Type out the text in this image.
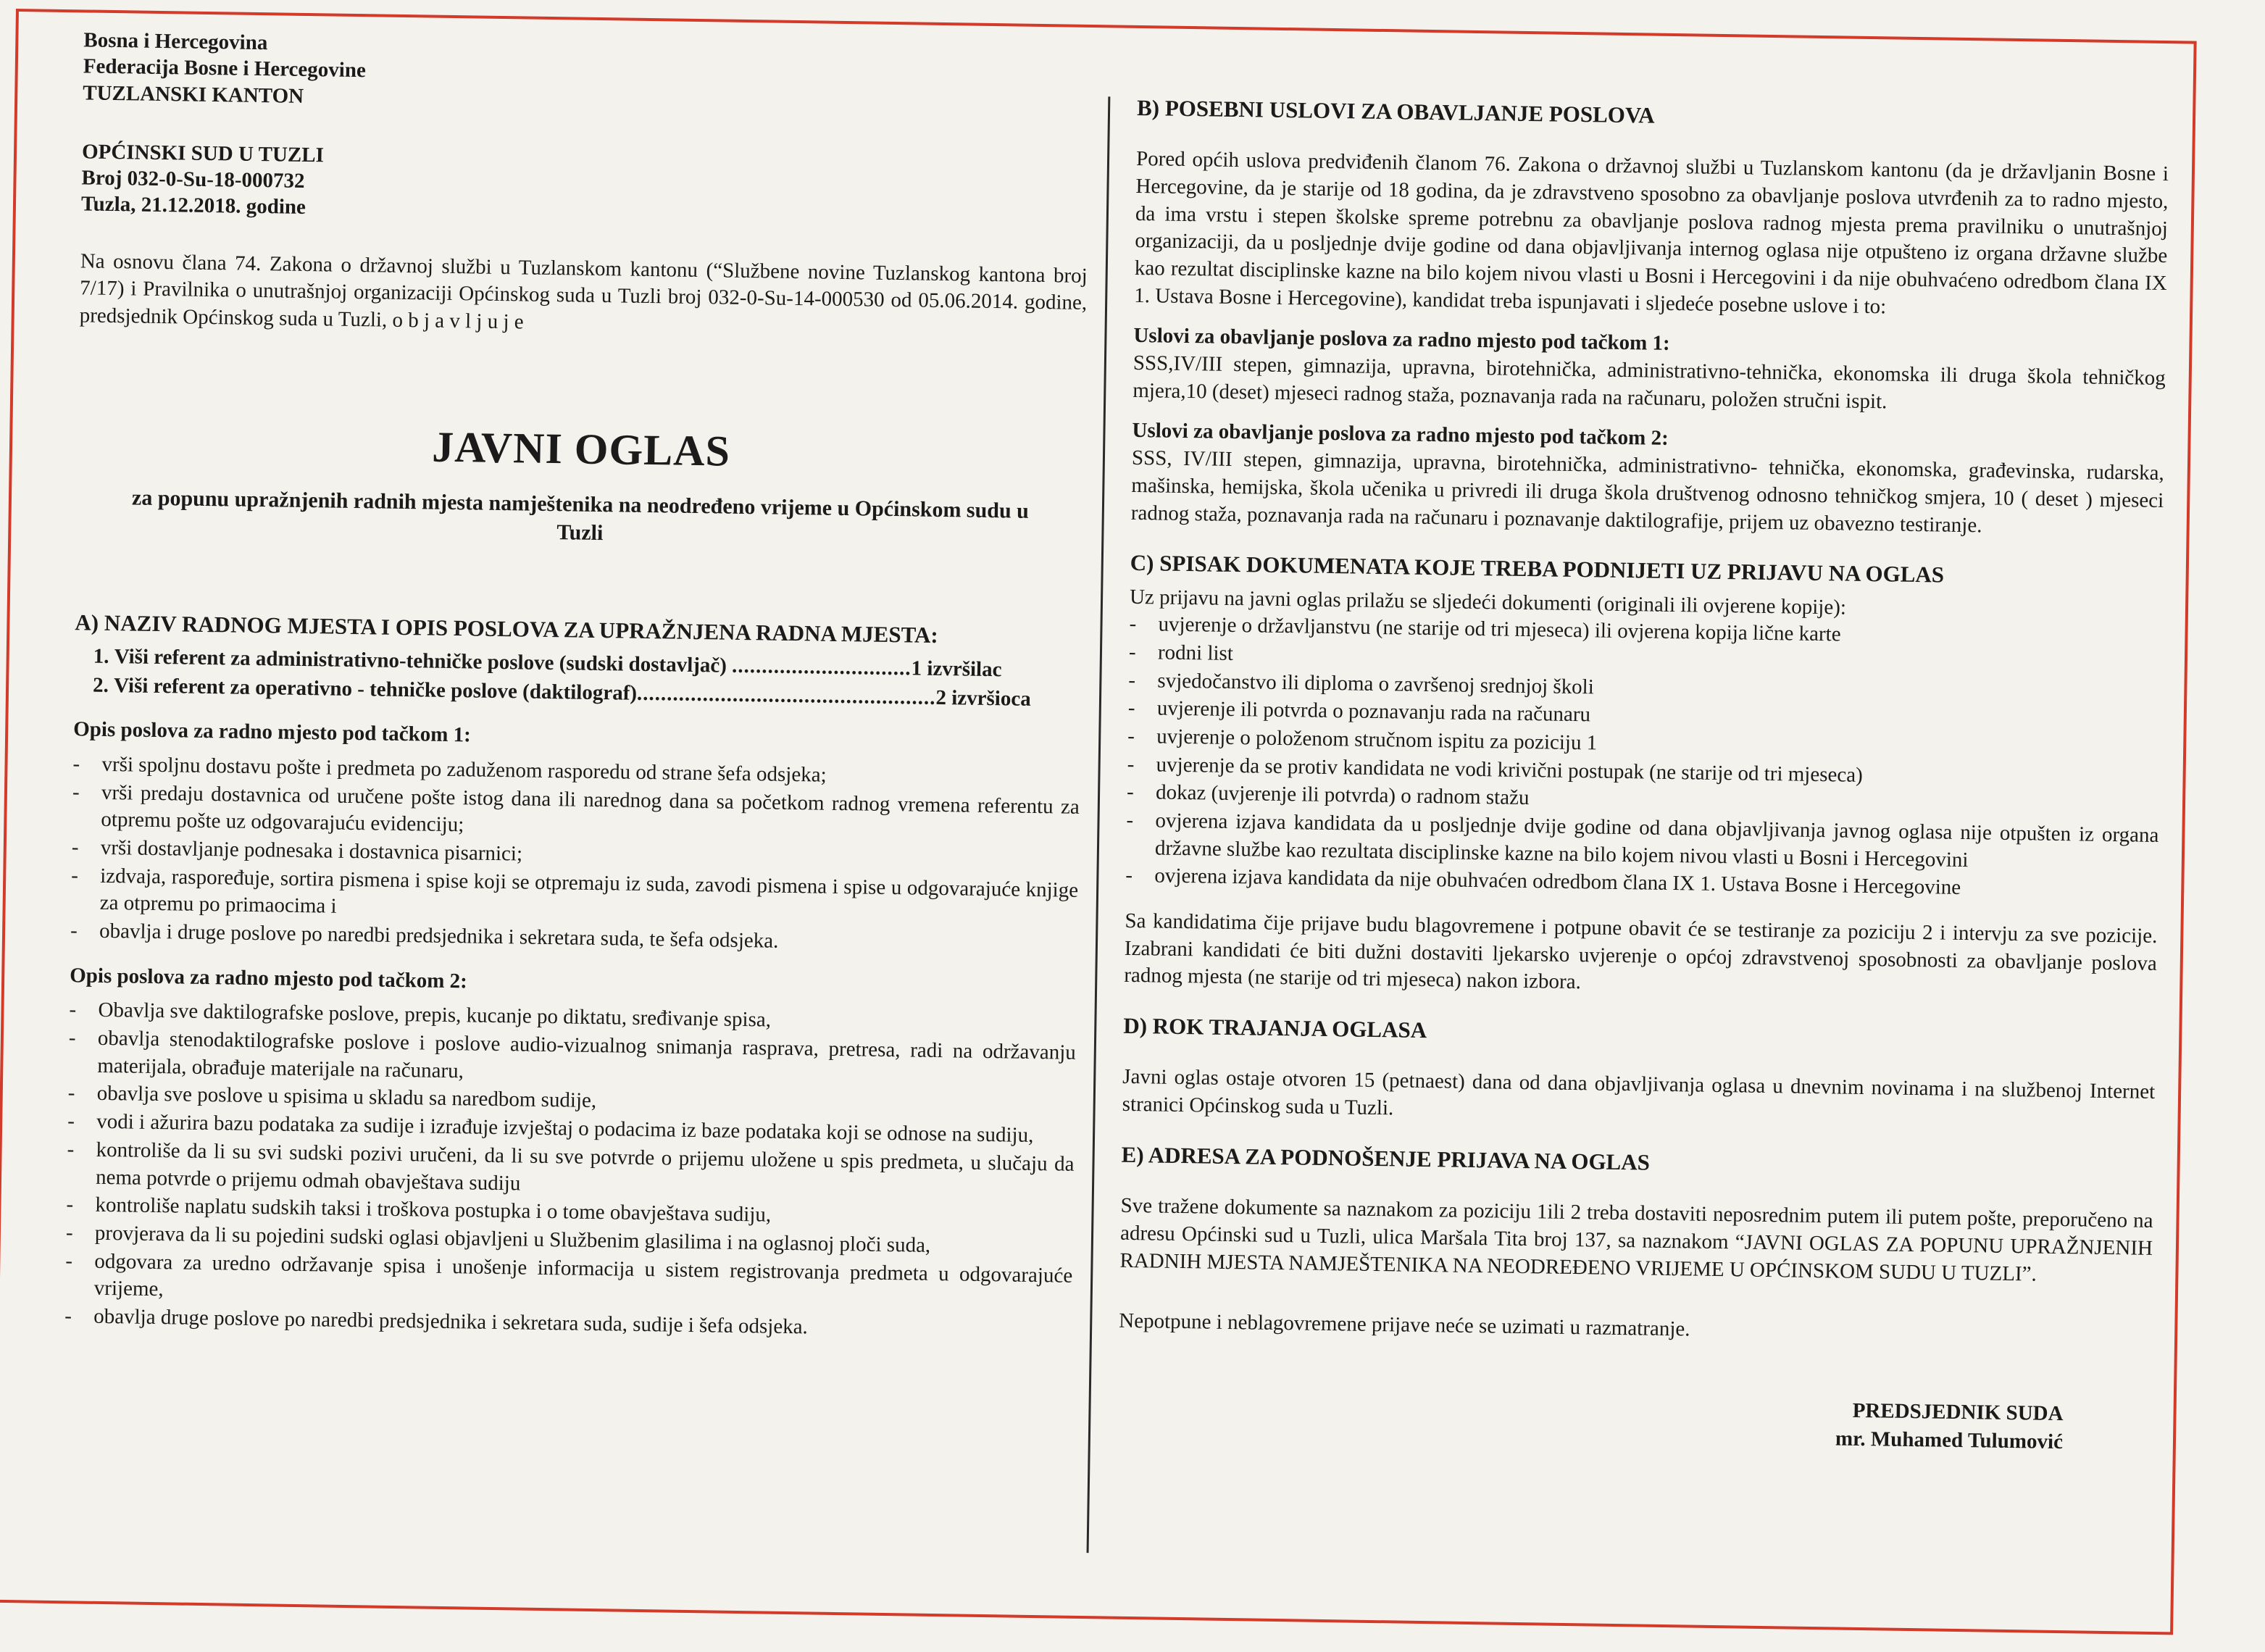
Bosna i Hercegovina

Federacija Bosne i Hercegovine

TUZLANSKI KANTON

OPĆINSKI SUD U TUZLI

Broj 032-0-Su-18-000732

Tuzla, 21.12.2018. godine

Na osnovu člana 74. Zakona o državnoj službi u Tuzlanskom kantonu (“Službene novine Tuzlanskog kantona broj 7/17) i Pravilnika o unutrašnjoj organizaciji Općinskog suda u Tuzli broj 032-0-Su-14-000530 od 05.06.2014. godine, predsjednik Općinskog suda u Tuzli, o b j a v l j u j e

JAVNI OGLAS
za popunu upražnjenih radnih mjesta namještenika na neodređeno vrijeme u Općinskom sudu u Tuzli
A) NAZIV RADNOG MJESTA I OPIS POSLOVA ZA UPRAŽNJENA RADNA MJESTA:
1. Viši referent za administrativno-tehničke poslove (sudski dostavljač) ..............................1 izvršilac
2. Viši referent za operativno - tehničke poslove (daktilograf)..................................................2 izvršioca
Opis poslova za radno mjesto pod tačkom 1:
- vrši spoljnu dostavu pošte i predmeta po zaduženom rasporedu od strane šefa odsjeka;
- vrši predaju dostavnica od uručene pošte istog dana ili narednog dana sa početkom radnog vremena referentu za otpremu pošte uz odgovarajuću evidenciju;
- vrši dostavljanje podnesaka i dostavnica pisarnici;
- izdvaja, raspoređuje, sortira pismena i spise koji se otpremaju iz suda, zavodi pismena i spise u odgovarajuće knjige za otpremu po primaocima i
- obavlja i druge poslove po naredbi predsjednika i sekretara suda, te šefa odsjeka.
Opis poslova za radno mjesto pod tačkom 2:
- Obavlja sve daktilografske poslove, prepis, kucanje po diktatu, sređivanje spisa,
- obavlja stenodaktilografske poslove i poslove audio-vizualnog snimanja rasprava, pretresa, radi na održavanju materijala, obrađuje materijale na računaru,
- obavlja sve poslove u spisima u skladu sa naredbom sudije,
- vodi i ažurira bazu podataka za sudije i izrađuje izvještaj o podacima iz baze podataka koji se odnose na sudiju,
- kontroliše da li su svi sudski pozivi uručeni, da li su sve potvrde o prijemu uložene u spis predmeta, u slučaju da nema potvrde o prijemu odmah obavještava sudiju
- kontroliše naplatu sudskih taksi i troškova postupka i o tome obavještava sudiju,
- provjerava da li su pojedini sudski oglasi objavljeni u Službenim glasilima i na oglasnoj ploči suda,
- odgovara za uredno održavanje spisa i unošenje informacija u sistem registrovanja predmeta u odgovarajuće vrijeme,
- obavlja druge poslove po naredbi predsjednika i sekretara suda, sudije i šefa odsjeka.
B) POSEBNI USLOVI ZA OBAVLJANJE POSLOVA

Pored općih uslova predviđenih članom 76. Zakona o državnoj službi u Tuzlanskom kantonu (da je državljanin Bosne i Hercegovine, da je starije od 18 godina, da je zdravstveno sposobno za obavljanje poslova utvrđenih za to radno mjesto, da ima vrstu i stepen školske spreme potrebnu za obavljanje poslova radnog mjesta prema pravilniku o unutrašnjoj organizaciji, da u posljednje dvije godine od dana objavljivanja internog oglasa nije otpušteno iz organa državne službe kao rezultat disciplinske kazne na bilo kojem nivou vlasti u Bosni i Hercegovini i da nije obuhvaćeno odredbom člana IX 1. Ustava Bosne i Hercegovine), kandidat treba ispunjavati i sljedeće posebne uslove i to:

Uslovi za obavljanje poslova za radno mjesto pod tačkom 1:

SSS,IV/III stepen, gimnazija, upravna, birotehnička, administrativno-tehnička, ekonomska ili druga škola tehničkog mjera,10 (deset) mjeseci radnog staža, poznavanja rada na računaru, položen stručni ispit.

Uslovi za obavljanje poslova za radno mjesto pod tačkom 2:

SSS, IV/III stepen, gimnazija, upravna, birotehnička, administrativno- tehnička, ekonomska, građevinska, rudarska, mašinska, hemijska, škola učenika u privredi ili druga škola društvenog odnosno tehničkog smjera, 10 ( deset ) mjeseci radnog staža, poznavanja rada na računaru i poznavanje daktilografije, prijem uz obavezno testiranje.

C) SPISAK DOKUMENATA KOJE TREBA PODNIJETI UZ PRIJAVU NA OGLAS

Uz prijavu na javni oglas prilažu se sljedeći dokumenti (originali ili ovjerene kopije):

- uvjerenje o državljanstvu (ne starije od tri mjeseca) ili ovjerena kopija lične karte
- rodni list
- svjedočanstvo ili diploma o završenoj srednjoj školi
- uvjerenje ili potvrda o poznavanju rada na računaru
- uvjerenje o položenom stručnom ispitu za poziciju 1
- uvjerenje da se protiv kandidata ne vodi krivični postupak (ne starije od tri mjeseca)
- dokaz (uvjerenje ili potvrda) o radnom stažu
- ovjerena izjava kandidata da u posljednje dvije godine od dana objavljivanja javnog oglasa nije otpušten iz organa državne službe kao rezultata disciplinske kazne na bilo kojem nivou vlasti u Bosni i Hercegovini
- ovjerena izjava kandidata da nije obuhvaćen odredbom člana IX 1. Ustava Bosne i Hercegovine

Sa kandidatima čije prijave budu blagovremene i potpune obavit će se testiranje za poziciju 2 i intervju za sve pozicije. Izabrani kandidati će biti dužni dostaviti ljekarsko uvjerenje o općoj zdravstvenoj sposobnosti za obavljanje poslova radnog mjesta (ne starije od tri mjeseca) nakon izbora.

D) ROK TRAJANJA OGLASA

Javni oglas ostaje otvoren 15 (petnaest) dana od dana objavljivanja oglasa u dnevnim novinama i na službenoj Internet stranici Općinskog suda u Tuzli.

E) ADRESA ZA PODNOŠENJE PRIJAVA NA OGLAS

Sve tražene dokumente sa naznakom za poziciju 1ili 2 treba dostaviti neposrednim putem ili putem pošte, preporučeno na adresu Općinski sud u Tuzli, ulica Maršala Tita broj 137, sa naznakom “JAVNI OGLAS ZA POPUNU UPRAŽNJENIH RADNIH MJESTA NAMJEŠTENIKA NA NEODREĐENO VRIJEME U OPĆINSKOM SUDU U TUZLI”.

Nepotpune i neblagovremene prijave neće se uzimati u razmatranje.

PREDSJEDNIK SUDA
mr. Muhamed Tulumović
